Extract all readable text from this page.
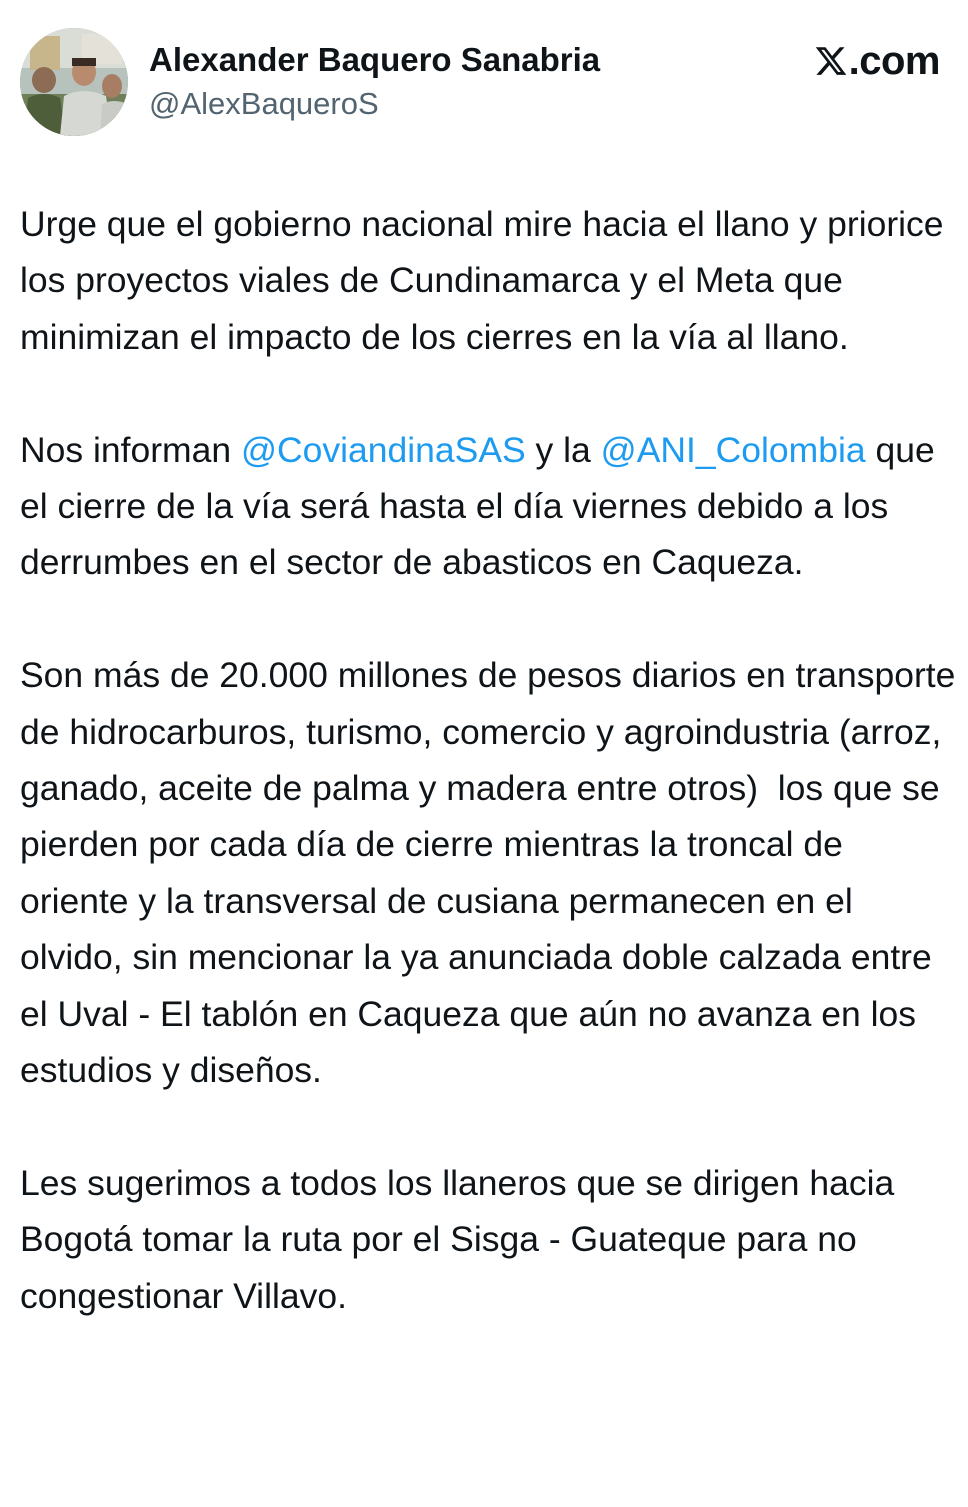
Alexander Baquero Sanabria
@AlexBaqueroS
.com

Urge que el gobierno nacional mire hacia el llano y priorice los proyectos viales de Cundinamarca y el Meta que minimizan el impacto de los cierres en la vía al llano.

Nos informan @CoviandinaSAS y la @ANI_Colombia que el cierre de la vía será hasta el día viernes debido a los derrumbes en el sector de abasticos en Caqueza.

Son más de 20.000 millones de pesos diarios en transporte de hidrocarburos, turismo, comercio y agroindustria (arroz, ganado, aceite de palma y madera entre otros)  los que se pierden por cada día de cierre mientras la troncal de oriente y la transversal de cusiana permanecen en el olvido, sin mencionar la ya anunciada doble calzada entre el Uval - El tablón en Caqueza que aún no avanza en los estudios y diseños.

Les sugerimos a todos los llaneros que se dirigen hacia Bogotá tomar la ruta por el Sisga - Guateque para no congestionar Villavo.
